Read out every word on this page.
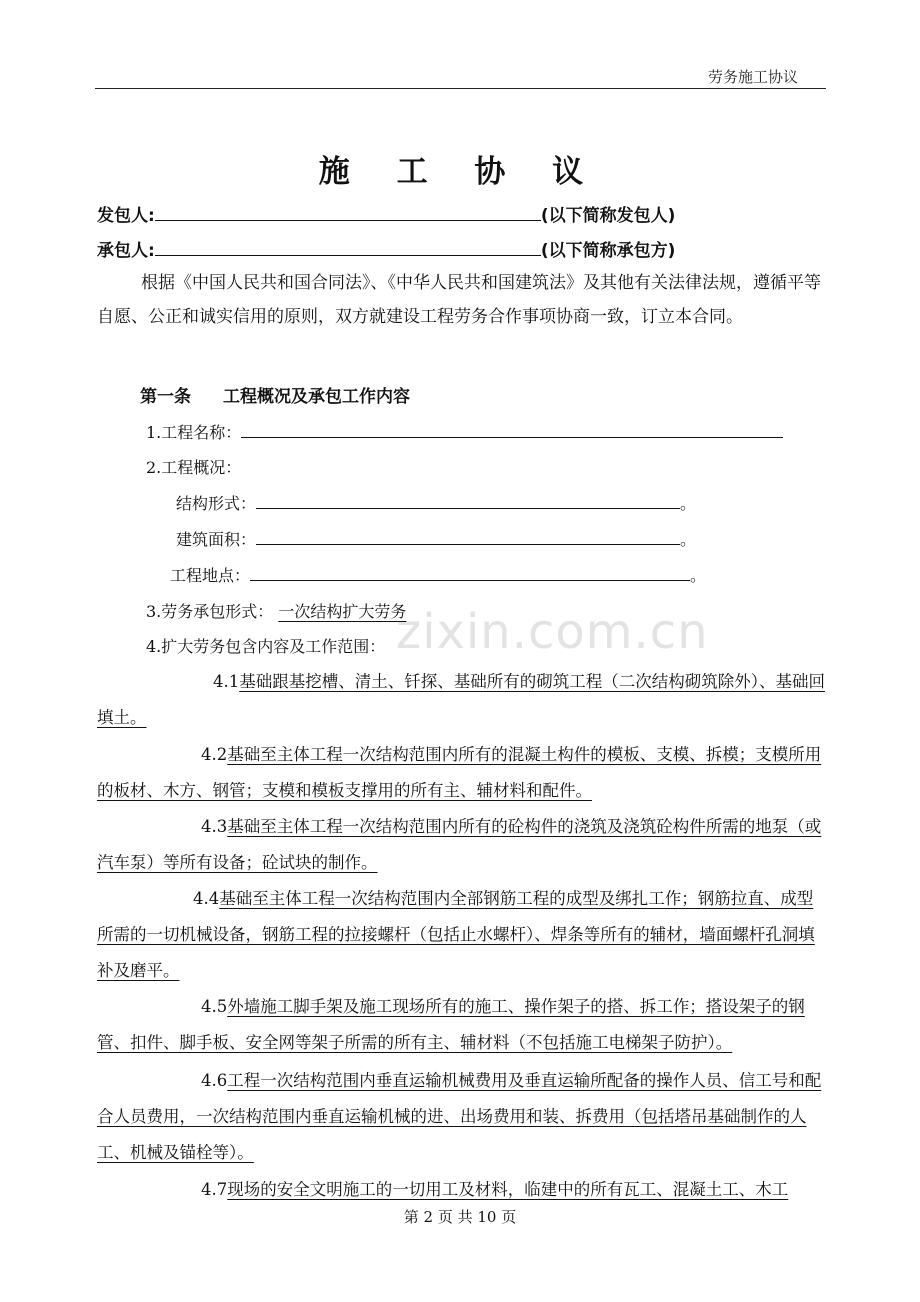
劳务施工协议
zixin.com.cn
施 工 协 议
发包人:	(以下简称发包人)
承包人:	(以下简称承包方)
根据《中国人民共和国合同法》、《中华人民共和国建筑法》及其他有关法律法规，遵循平等自愿、公正和诚实信用的原则，双方就建设工程劳务合作事项协商一致，订立本合同。
第一条 工程概况及承包工作内容
1.工程名称：
2.工程概况：
结构形式：	。
建筑面积：	。
工程地点：	。
3.劳务承包形式： 一次结构扩大劳务
4.扩大劳务包含内容及工作范围：
4.1基础跟基挖槽、清土、钎探、基础所有的砌筑工程（二次结构砌筑除外）、基础回填土。
4.2基础至主体工程一次结构范围内所有的混凝土构件的模板、支模、拆模；支模所用的板材、木方、钢管；支模和模板支撑用的所有主、辅材料和配件。
4.3基础至主体工程一次结构范围内所有的砼构件的浇筑及浇筑砼构件所需的地泵（或汽车泵）等所有设备；砼试块的制作。
4.4基础至主体工程一次结构范围内全部钢筋工程的成型及绑扎工作；钢筋拉直、成型所需的一切机械设备，钢筋工程的拉接螺杆（包括止水螺杆）、焊条等所有的辅材，墙面螺杆孔洞填补及磨平。
4.5外墙施工脚手架及施工现场所有的施工、操作架子的搭、拆工作；搭设架子的钢管、扣件、脚手板、安全网等架子所需的所有主、辅材料（不包括施工电梯架子防护）。
4.6工程一次结构范围内垂直运输机械费用及垂直运输所配备的操作人员、信工号和配合人员费用，一次结构范围内垂直运输机械的进、出场费用和装、拆费用（包括塔吊基础制作的人工、机械及锚栓等）。
4.7现场的安全文明施工的一切用工及材料，临建中的所有瓦工、混凝土工、木工
第 2 页 共 10 页
